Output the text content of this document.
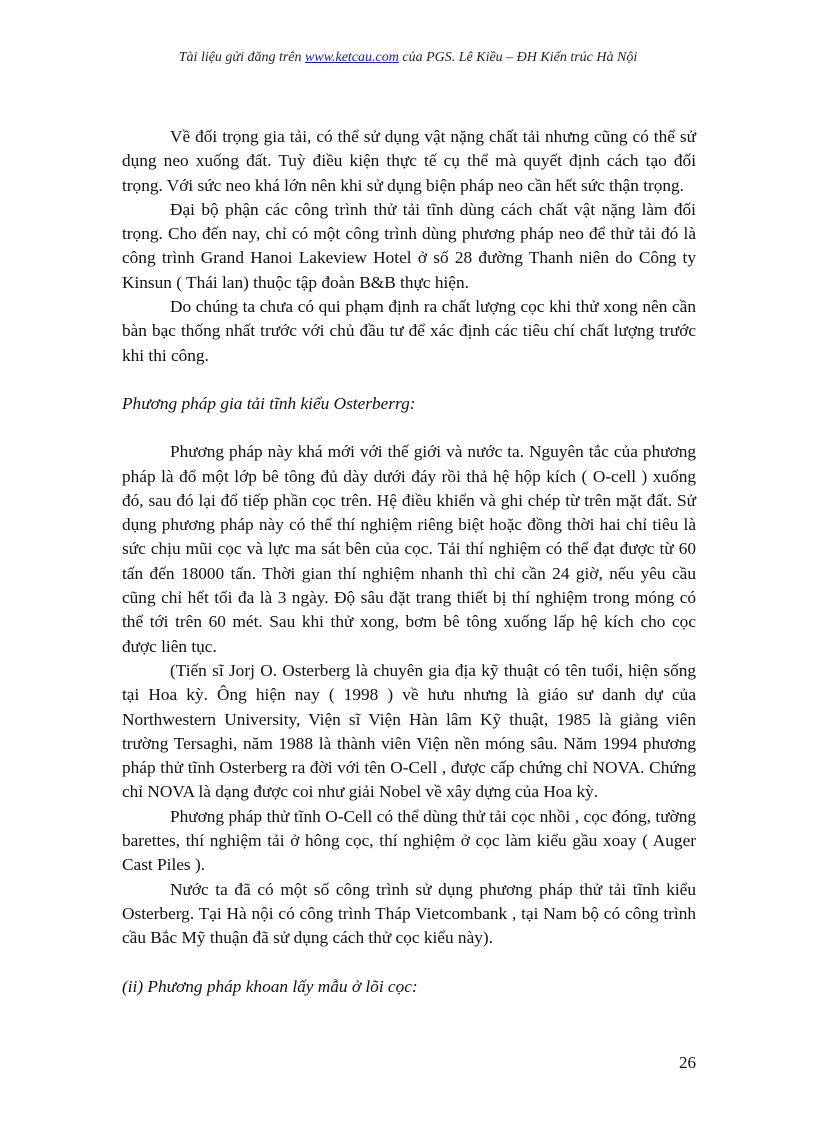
Tài liệu gửi đăng trên www.ketcau.com của PGS. Lê Kiều – ĐH Kiến trúc Hà Nội

Về đối trọng gia tải, có thể sử dụng vật nặng chất tải nhưng cũng có thể sử dụng neo xuống đất. Tuỳ điều kiện thực tế cụ thể mà quyết định cách tạo đối trọng. Với sức neo khá lớn nên khi sử dụng biện pháp neo cần hết sức thận trọng.

Đại bộ phận các công trình thử tải tĩnh dùng cách chất vật nặng làm đối trọng. Cho đến nay, chỉ có một công trình dùng phương pháp neo để thử tải đó là công trình Grand Hanoi Lakeview Hotel ở số 28 đường Thanh niên do Công ty Kinsun ( Thái lan) thuộc tập đoàn B&B thực hiện.

Do chúng ta chưa có qui phạm định ra chất lượng cọc khi thử xong nên cần bàn bạc thống nhất trước với chủ đầu tư để xác định các tiêu chí chất lượng trước khi thi công.

Phương pháp gia tải tĩnh kiểu Osterberrg:

Phương pháp này khá mới với thế giới và nước ta. Nguyên tắc của phương pháp là đổ một lớp bê tông đủ dày dưới đáy rồi thả hệ hộp kích ( O-cell ) xuống đó, sau đó lại đổ tiếp phần cọc trên. Hệ điều khiển và ghi chép từ trên mặt đất. Sử dụng phương pháp này có thể thí nghiệm riêng biệt hoặc đồng thời hai chỉ tiêu là sức chịu mũi cọc và lực ma sát bên của cọc. Tải thí nghiệm có thể đạt được từ 60 tấn đến 18000 tấn. Thời gian thí nghiệm nhanh thì chỉ cần 24 giờ, nếu yêu cầu cũng chỉ hết tối đa là 3 ngày. Độ sâu đặt trang thiết bị thí nghiệm trong móng có thể tới trên 60 mét. Sau khi thử xong, bơm bê tông xuống lấp hệ kích cho cọc được liên tục.

(Tiến sĩ Jorj O. Osterberg là chuyên gia địa kỹ thuật có tên tuổi, hiện sống tại Hoa kỳ. Ông hiện nay ( 1998 ) về hưu nhưng là giáo sư danh dự của Northwestern University, Viện sĩ Viện Hàn lâm Kỹ thuật, 1985 là giảng viên trường Tersaghi, năm 1988 là thành viên Viện nền móng sâu. Năm 1994 phương pháp thử tĩnh Osterberg ra đời với tên O-Cell , được cấp chứng chỉ NOVA. Chứng chỉ NOVA là dạng được coi như giải Nobel về xây dựng của Hoa kỳ.

Phương pháp thử tĩnh O-Cell có thể dùng thử tải cọc nhồi , cọc đóng, tường barettes, thí nghiệm tải ở hông cọc, thí nghiệm ở cọc làm kiểu gầu xoay ( Auger Cast Piles ).

Nước ta đã có một số công trình sử dụng phương pháp thử tải tĩnh kiểu Osterberg. Tại Hà nội có công trình Tháp Vietcombank , tại Nam bộ có công trình cầu Bắc Mỹ thuận đã sử dụng cách thử cọc kiểu này).

(ii) Phương pháp khoan lấy mẫu ở lõi cọc:
26
